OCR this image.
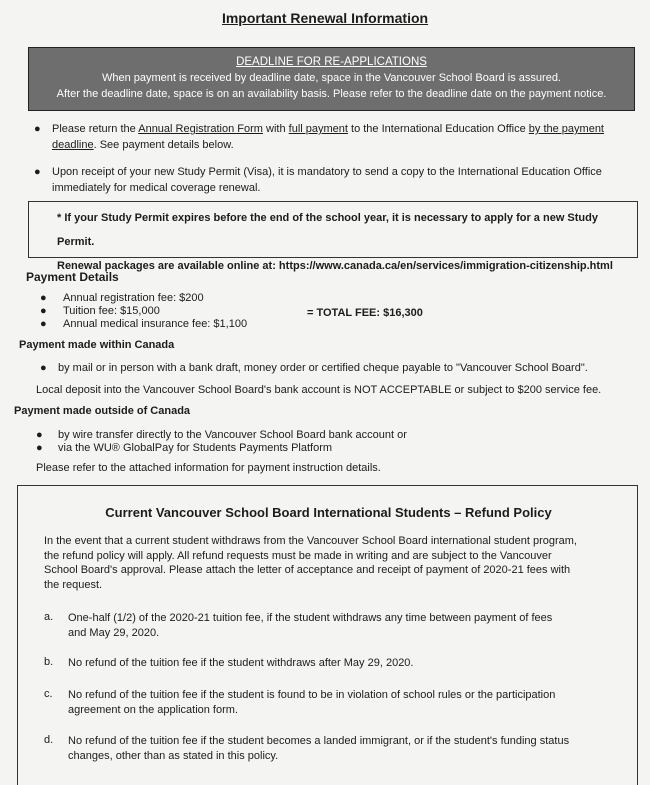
Important Renewal Information
DEADLINE FOR RE-APPLICATIONS
When payment is received by deadline date, space in the Vancouver School Board is assured.
After the deadline date, space is on an availability basis. Please refer to the deadline date on the payment notice.
● Please return the Annual Registration Form with full payment to the International Education Office by the payment
deadline. See payment details below.
● Upon receipt of your new Study Permit (Visa), it is mandatory to send a copy to the International Education Office
immediately for medical coverage renewal.
* If your Study Permit expires before the end of the school year, it is necessary to apply for a new Study Permit.
Renewal packages are available online at: https://www.canada.ca/en/services/immigration-citizenship.html
Payment Details
● Annual registration fee: $200
● Tuition fee: $15,000
● Annual medical insurance fee: $1,100
= TOTAL FEE: $16,300
Payment made within Canada
● by mail or in person with a bank draft, money order or certified cheque payable to "Vancouver School Board".
Local deposit into the Vancouver School Board's bank account is NOT ACCEPTABLE or subject to $200 service fee.
Payment made outside of Canada
● by wire transfer directly to the Vancouver School Board bank account or
● via the WU® GlobalPay for Students Payments Platform
Please refer to the attached information for payment instruction details.
Current Vancouver School Board International Students – Refund Policy
In the event that a current student withdraws from the Vancouver School Board international student program,
the refund policy will apply. All refund requests must be made in writing and are subject to the Vancouver
School Board's approval. Please attach the letter of acceptance and receipt of payment of 2020-21 fees with
the request.
a. One-half (1/2) of the 2020-21 tuition fee, if the student withdraws any time between payment of fees
and May 29, 2020.
b. No refund of the tuition fee if the student withdraws after May 29, 2020.
c. No refund of the tuition fee if the student is found to be in violation of school rules or the participation
agreement on the application form.
d. No refund of the tuition fee if the student becomes a landed immigrant, or if the student's funding status
changes, other than as stated in this policy.
